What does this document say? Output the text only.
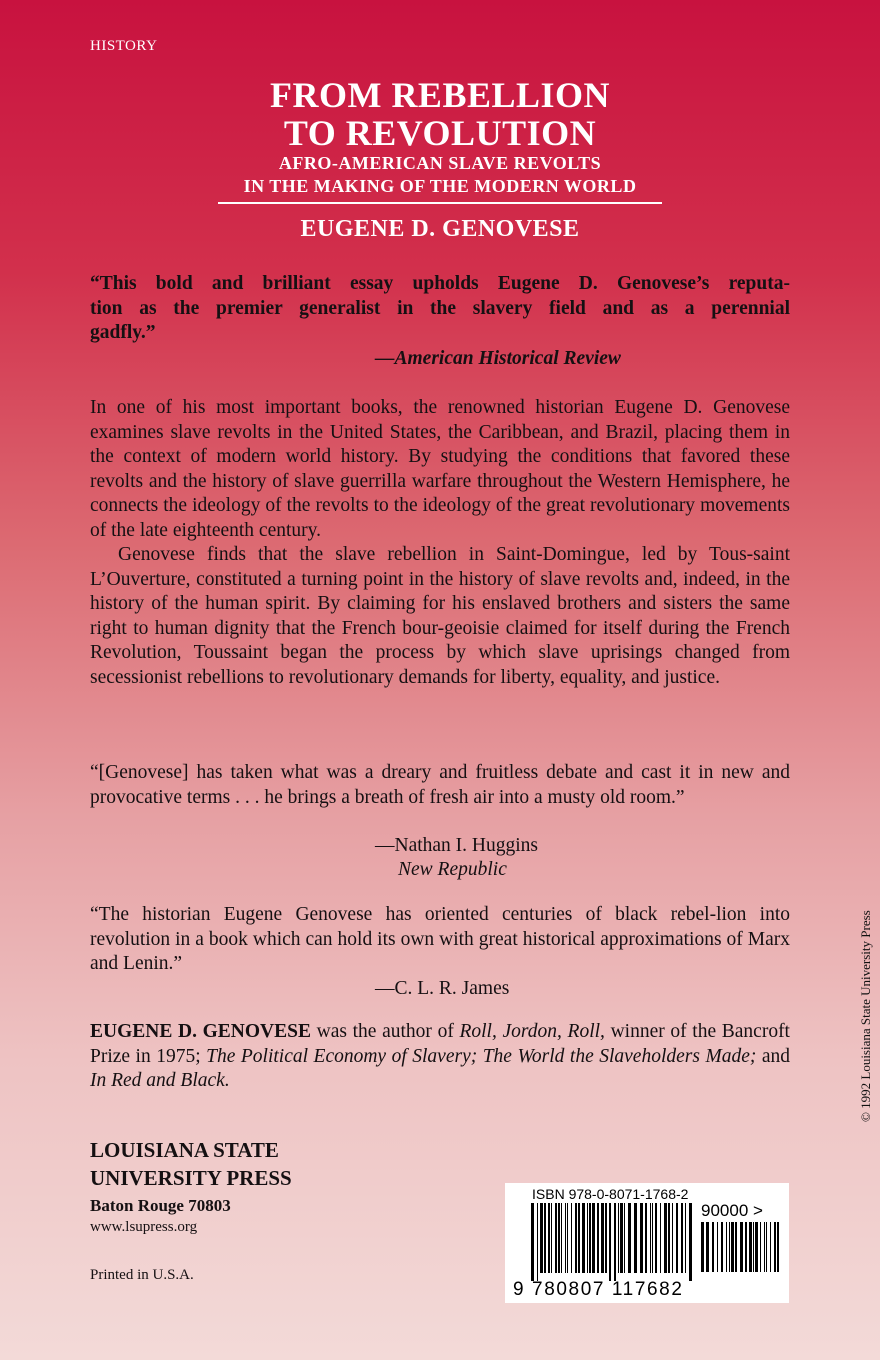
HISTORY
FROM REBELLION
TO REVOLUTION
AFRO-AMERICAN SLAVE REVOLTS
IN THE MAKING OF THE MODERN WORLD
EUGENE D. GENOVESE
“This bold and brilliant essay upholds Eugene D. Genovese’s reputa-
tion as the premier generalist in the slavery field and as a perennial
gadfly.”
—American Historical Review

In one of his most important books, the renowned historian Eugene D. Genovese examines slave revolts in the United States, the Caribbean, and Brazil, placing them in the context of modern world history. By studying the conditions that favored these revolts and the history of slave guerrilla warfare throughout the Western Hemisphere, he connects the ideology of the revolts to the ideology of the great revolutionary movements of the late eighteenth century.

Genovese finds that the slave rebellion in Saint-Domingue, led by Tous-saint L’Ouverture, constituted a turning point in the history of slave revolts and, indeed, in the history of the human spirit. By claiming for his enslaved brothers and sisters the same right to human dignity that the French bour-geoisie claimed for itself during the French Revolution, Toussaint began the process by which slave uprisings changed from secessionist rebellions to revolutionary demands for liberty, equality, and justice.

“[Genovese] has taken what was a dreary and fruitless debate and cast it in new and provocative terms . . . he brings a breath of fresh air into a musty old room.”
—Nathan I. Huggins
New Republic
“The historian Eugene Genovese has oriented centuries of black rebel-lion into revolution in a book which can hold its own with great historical approximations of Marx and Lenin.”
—C. L. R. James
EUGENE D. GENOVESE was the author of Roll, Jordon, Roll, winner of the Bancroft Prize in 1975; The Political Economy of Slavery; The World the Slaveholders Made; and In Red and Black.	© 1992 Louisiana State University Press
LOUISIANA STATE
UNIVERSITY PRESS
Baton Rouge 70803
www.lsupress.org
Printed in U.S.A.
ISBN 978-0-8071-1768-2
90000 >
9 780807 117682
